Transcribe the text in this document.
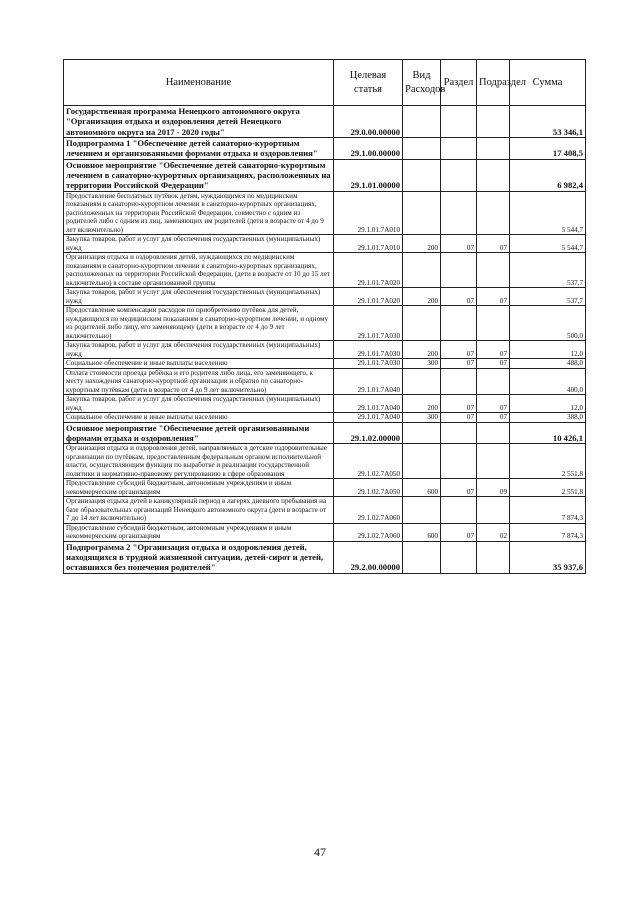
Наименование	Целевая статья	Вид Расходов	Раздел	Подраздел	Сумма
Государственная программа Ненецкого автономного округа "Организация отдыха и оздоровления детей Ненецкого автономного округа на 2017 - 2020 годы"	29.0.00.00000				53 346,1
Подпрограмма 1 "Обеспечение детей санаторно-курортным лечением и организованными формами отдыха и оздоровления"	29.1.00.00000				17 408,5
Основное мероприятие "Обеспечение детей санаторно-курортным лечением в санаторно-курортных организациях, расположенных на территории Российской Федерации"	29.1.01.00000				6 982,4
Предоставление бесплатных путёвок детям, нуждающимся по медицинским показаниям в санаторно-курортном лечении в санаторно-курортных организациях, расположенных на территории Российской Федерации, совместно с одним из родителей либо с одним из лиц, заменяющих им родителей (дети в возрасте от 4 до 9 лет включительно)	29.1.01.7А010				5 544,7
Закупка товаров, работ и услуг для обеспечения государственных (муниципальных) нужд	29.1.01.7А010	200	07	07	5 544,7
Организация отдыха и оздоровления детей, нуждающихся по медицинским показаниям в санаторно-курортном лечении в санаторно-курортных организациях, расположенных на территории Российской Федерации, (дети в возрасте от 10 до 15 лет включительно) в составе организованной группы	29.1.01.7А020				537,7
Закупка товаров, работ и услуг для обеспечения государственных (муниципальных) нужд	29.1.01.7А020	200	07	07	537,7
Предоставление компенсации расходов по приобретению путёвок для детей, нуждающихся по медицинским показаниям в санаторно-курортном лечении, и одному из родителей либо лицу, его заменяющему (дети в возрасте от 4 до 9 лет включительно)	29.1.01.7А030				500,0
Закупка товаров, работ и услуг для обеспечения государственных (муниципальных) нужд	29.1.01.7А030	200	07	07	12,0
Социальное обеспечение и иные выплаты населению	29.1.01.7А030	300	07	07	488,0
Оплата стоимости проезда ребёнка и его родителя либо лица, его заменяющего, к месту нахождения санаторно-курортной организации и обратно по санаторно-курортным путёвкам (дети в возрасте от 4 до 9 лет включительно)	29.1.01.7А040				400,0
Закупка товаров, работ и услуг для обеспечения государственных (муниципальных) нужд	29.1.01.7А040	200	07	07	12,0
Социальное обеспечение и иные выплаты населению	29.1.01.7А040	300	07	07	388,0
Основное мероприятие "Обеспечение детей организованными формами отдыха и оздоровления"	29.1.02.00000				10 426,1
Организация отдыха и оздоровления детей, направляемых в детские оздоровительные организации по путёвкам, предоставленным федеральным органом исполнительной власти, осуществляющим функции по выработке и реализации государственной политики и нормативно-правовому регулированию в сфере образования	29.1.02.7А050				2 551,8
Предоставление субсидий бюджетным, автономным учреждениям и иным некоммерческим организациям	29.1.02.7А050	600	07	09	2 551,8
Организация отдыха детей в каникулярный период в лагерях дневного пребывания на базе образовательных организаций Ненецкого автономного округа (дети в возрасте от 7 до 14 лет включительно)	29.1.02.7А060				7 874,3
Предоставление субсидий бюджетным, автономным учреждениям и иным некоммерческим организациям	29.1.02.7А060	600	07	02	7 874,3
Подпрограмма 2 "Организация отдыха и оздоровления детей, находящихся в трудной жизненной ситуации, детей-сирот и детей, оставшихся без попечения родителей"	29.2.00.00000				35 937,6
47
